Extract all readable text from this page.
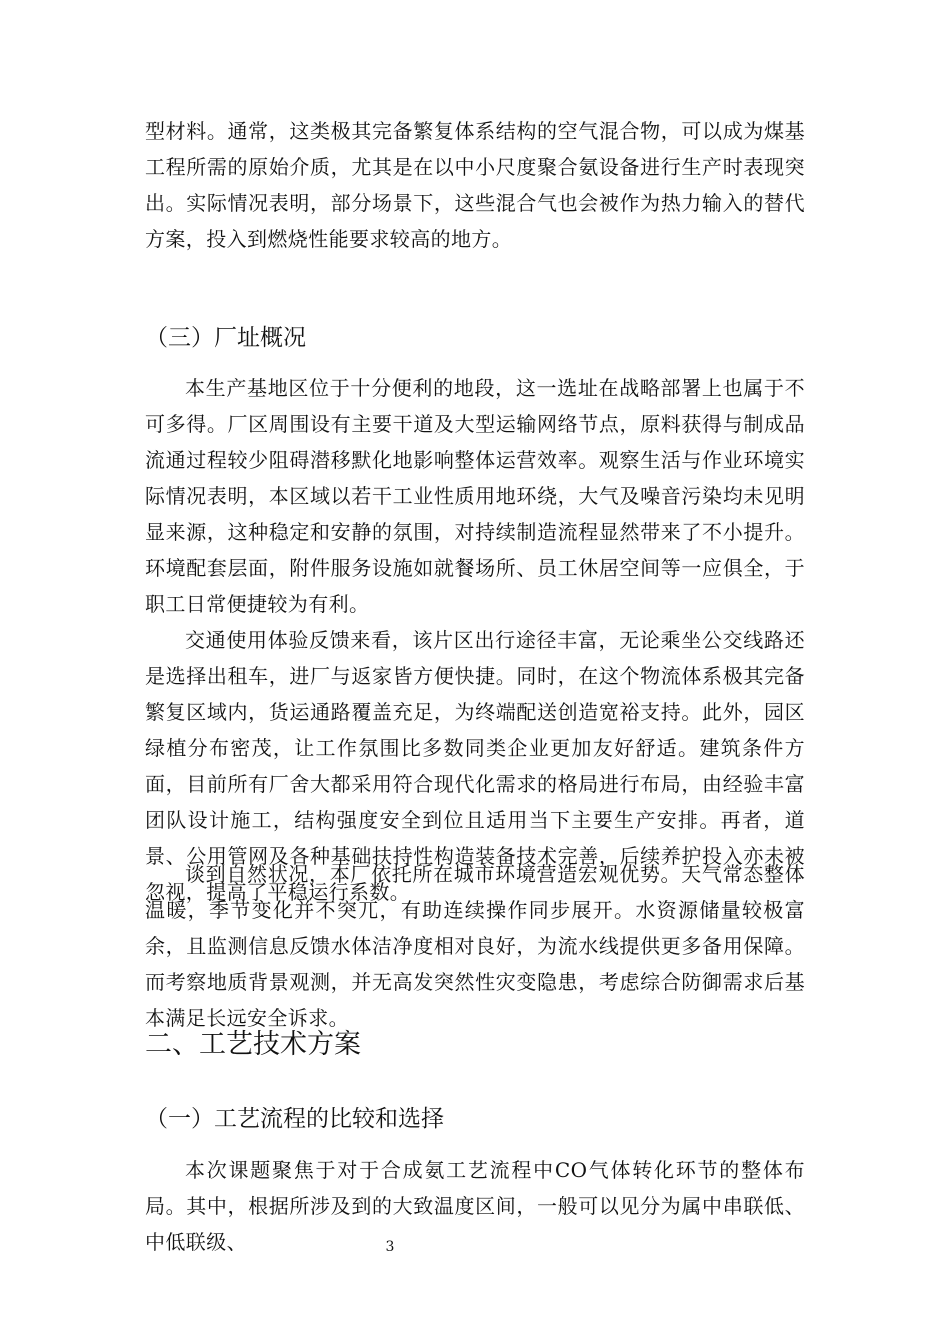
型材料。通常，这类极其完备繁复体系结构的空气混合物，可以成为煤基工程所需的原始介质，尤其是在以中小尺度聚合氨设备进行生产时表现突出。实际情况表明，部分场景下，这些混合气也会被作为热力输入的替代方案，投入到燃烧性能要求较高的地方。

（三）厂址概况

本生产基地区位于十分便利的地段，这一选址在战略部署上也属于不可多得。厂区周围设有主要干道及大型运输网络节点，原料获得与制成品流通过程较少阻碍潜移默化地影响整体运营效率。观察生活与作业环境实际情况表明，本区域以若干工业性质用地环绕，大气及噪音污染均未见明显来源，这种稳定和安静的氛围，对持续制造流程显然带来了不小提升。环境配套层面，附件服务设施如就餐场所、员工休居空间等一应俱全，于职工日常便捷较为有利。

交通使用体验反馈来看，该片区出行途径丰富，无论乘坐公交线路还是选择出租车，进厂与返家皆方便快捷。同时，在这个物流体系极其完备繁复区域内，货运通路覆盖充足，为终端配送创造宽裕支持。此外，园区绿植分布密茂，让工作氛围比多数同类企业更加友好舒适。建筑条件方面，目前所有厂舍大都采用符合现代化需求的格局进行布局，由经验丰富团队设计施工，结构强度安全到位且适用当下主要生产安排。再者，道景、公用管网及各种基础扶持性构造装备技术完善，后续养护投入亦未被忽视，提高了平稳运行系数。

谈到自然状况，本厂依托所在城市环境营造宏观优势。天气常态整体温暖，季节变化并不突兀，有助连续操作同步展开。水资源储量较极富余，且监测信息反馈水体洁净度相对良好，为流水线提供更多备用保障。而考察地质背景观测，并无高发突然性灾变隐患，考虑综合防御需求后基本满足长远安全诉求。

二、工艺技术方案
（一）工艺流程的比较和选择

本次课题聚焦于对于合成氨工艺流程中CO气体转化环节的整体布局。其中，根据所涉及到的大致温度区间，一般可以见分为属中串联低、中低联级、	3
